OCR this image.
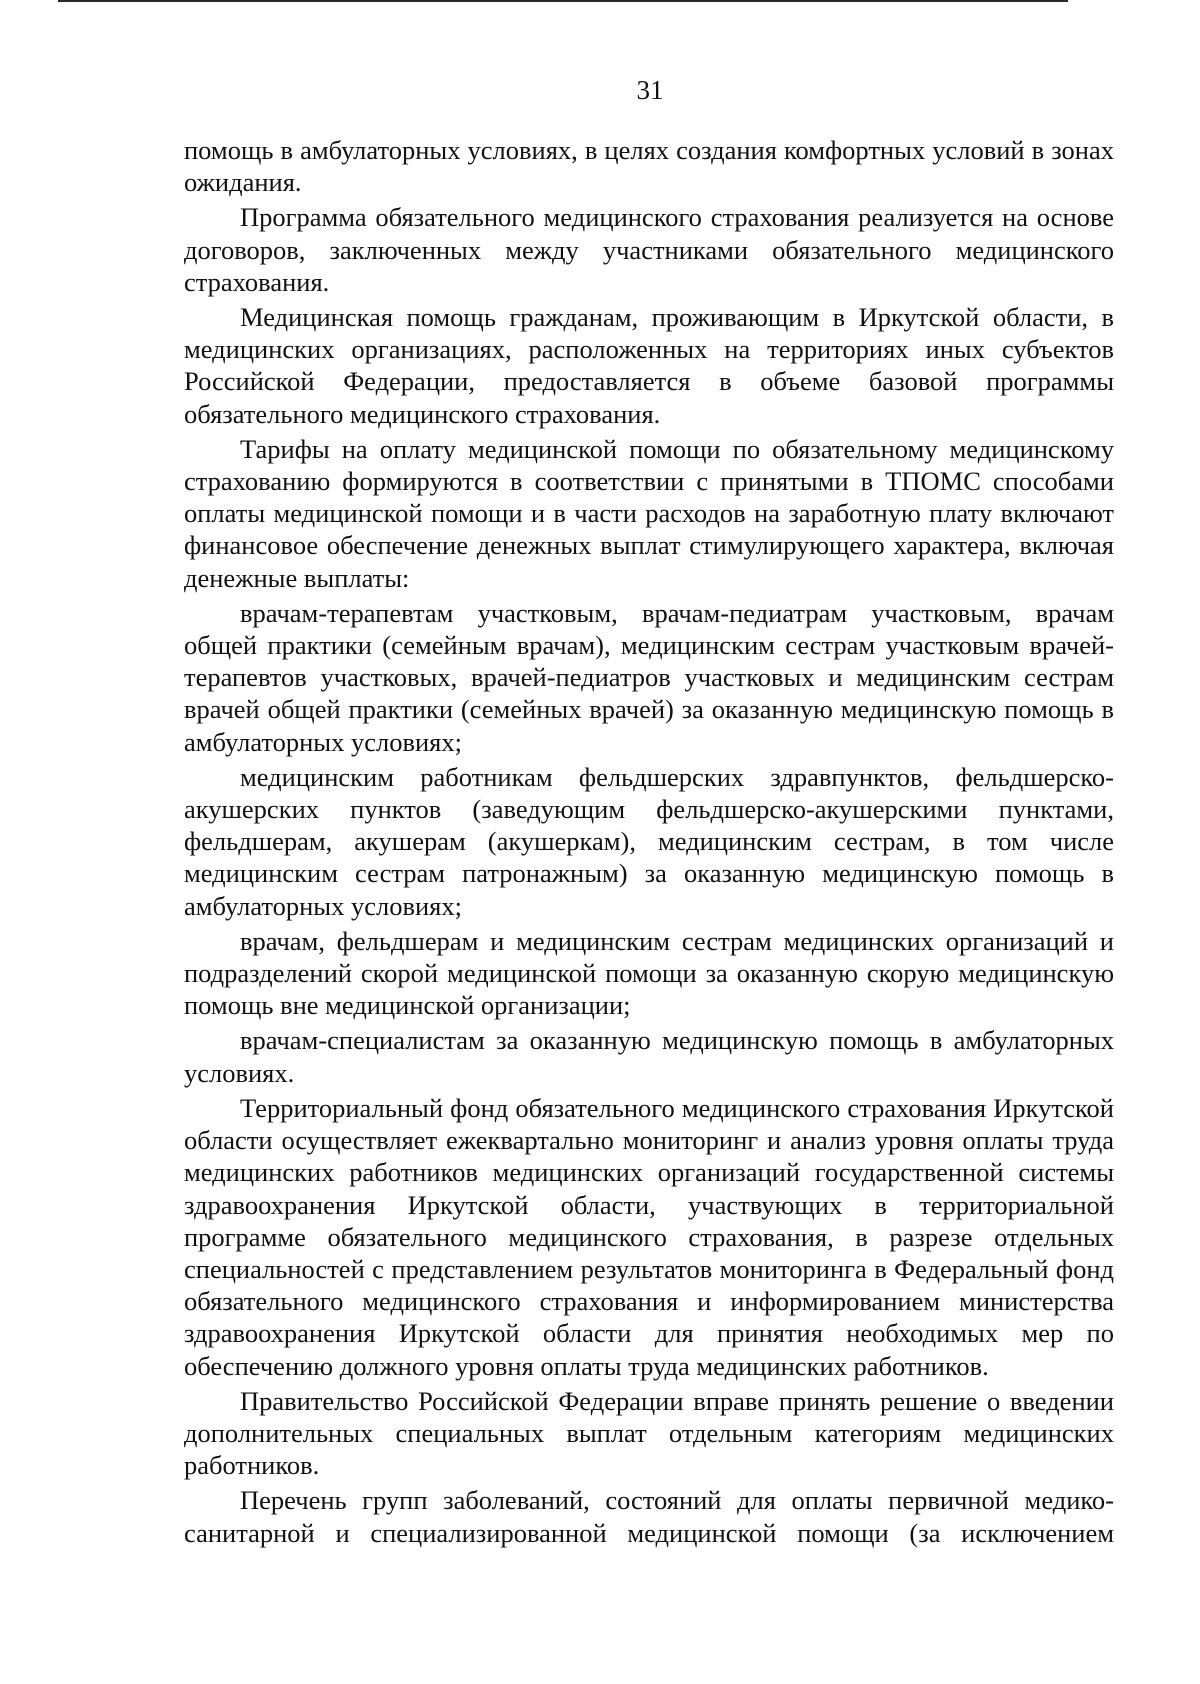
31

помощь в амбулаторных условиях, в целях создания комфортных условий в зонах ожидания.

Программа обязательного медицинского страхования реализуется на основе договоров, заключенных между участниками обязательного медицинского страхования.

Медицинская помощь гражданам, проживающим в Иркутской области, в медицинских организациях, расположенных на территориях иных субъектов Российской Федерации, предоставляется в объеме базовой программы обязательного медицинского страхования.

Тарифы на оплату медицинской помощи по обязательному медицинскому страхованию формируются в соответствии с принятыми в ТПОМС способами оплаты медицинской помощи и в части расходов на заработную плату включают финансовое обеспечение денежных выплат стимулирующего характера, включая денежные выплаты:

врачам-терапевтам участковым, врачам-педиатрам участковым, врачам общей практики (семейным врачам), медицинским сестрам участковым врачей-терапевтов участковых, врачей-педиатров участковых и медицинским сестрам врачей общей практики (семейных врачей) за оказанную медицинскую помощь в амбулаторных условиях;

медицинским работникам фельдшерских здравпунктов, фельдшерско-акушерских пунктов (заведующим фельдшерско-акушерскими пунктами, фельдшерам, акушерам (акушеркам), медицинским сестрам, в том числе медицинским сестрам патронажным) за оказанную медицинскую помощь в амбулаторных условиях;

врачам, фельдшерам и медицинским сестрам медицинских организаций и подразделений скорой медицинской помощи за оказанную скорую медицинскую помощь вне медицинской организации;

врачам-специалистам за оказанную медицинскую помощь в амбулаторных условиях.

Территориальный фонд обязательного медицинского страхования Иркутской области осуществляет ежеквартально мониторинг и анализ уровня оплаты труда медицинских работников медицинских организаций государственной системы здравоохранения Иркутской области, участвующих в территориальной программе обязательного медицинского страхования, в разрезе отдельных специальностей с представлением результатов мониторинга в Федеральный фонд обязательного медицинского страхования и информированием министерства здравоохранения Иркутской области для принятия необходимых мер по обеспечению должного уровня оплаты труда медицинских работников.

Правительство Российской Федерации вправе принять решение о введении дополнительных специальных выплат отдельным категориям медицинских работников.

Перечень групп заболеваний, состояний для оплаты первичной медико-санитарной и специализированной медицинской помощи (за исключением
